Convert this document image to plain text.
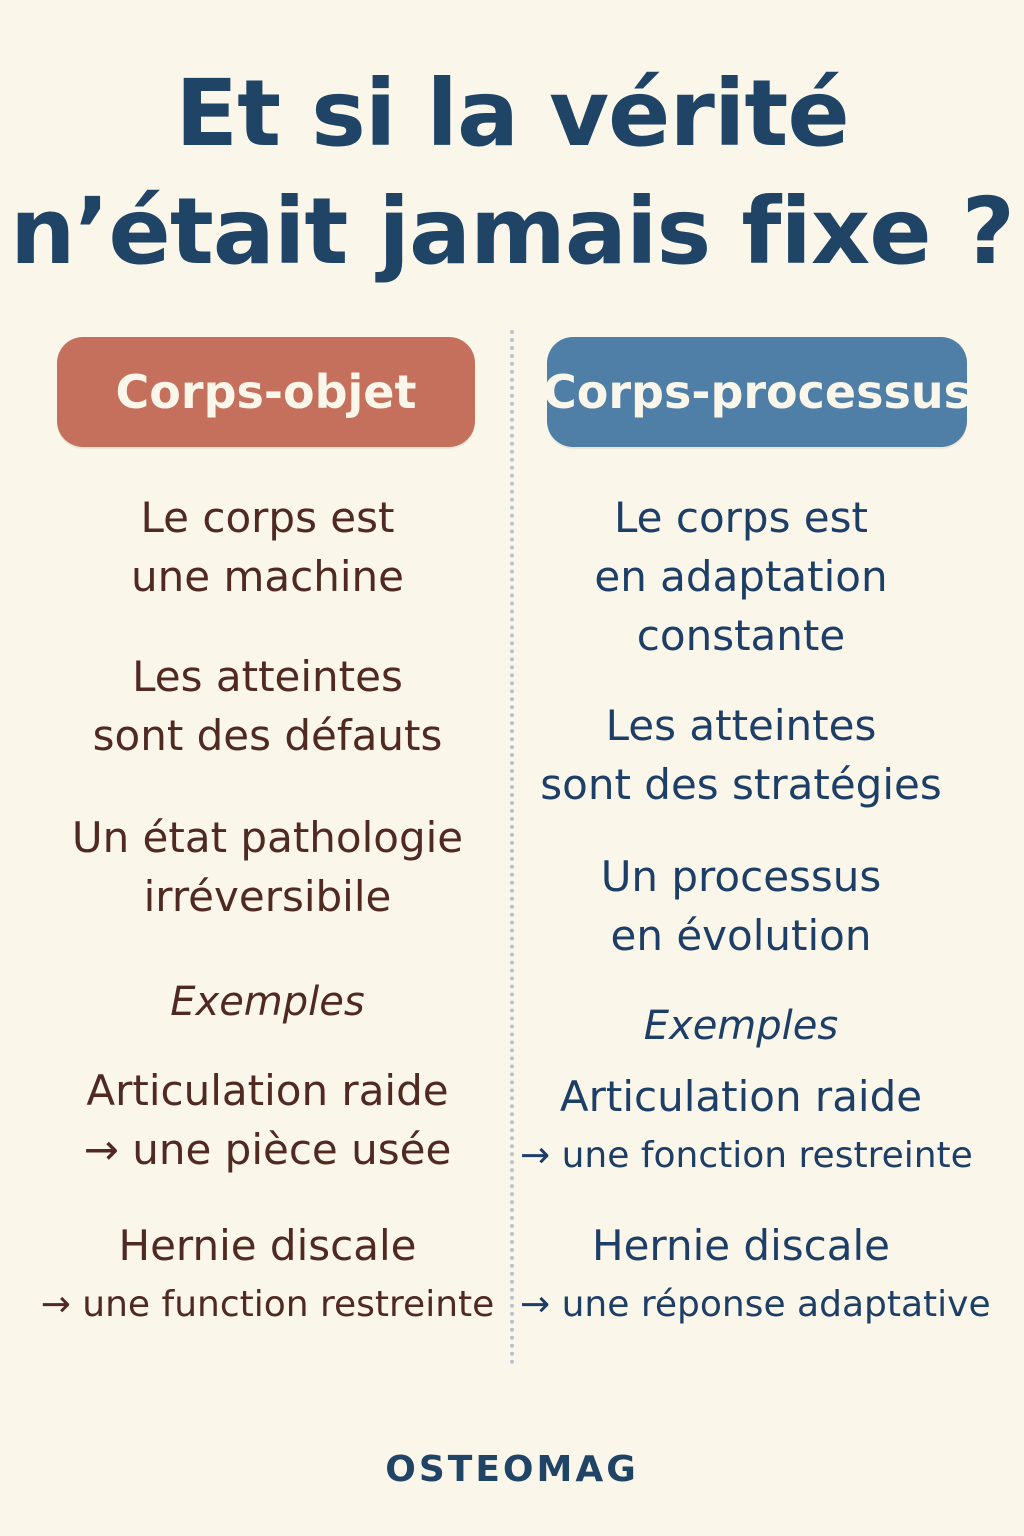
Et si la vérité
n’était jamais fixe ?
Corps-objet	Corps-processus
Le corps est
une machine
Les atteintes
sont des défauts
Un état pathologie
irréversibile
Exemples
Articulation raide
→ une pièce usée
Hernie discale
→ une function restreinte
Le corps est
en adaptation
constante
Les atteintes
sont des stratégies
Un processus
en évolution
Exemples
Articulation raide
→ une fonction restreinte
Hernie discale
→ une réponse adaptative
OSTEOMAG
